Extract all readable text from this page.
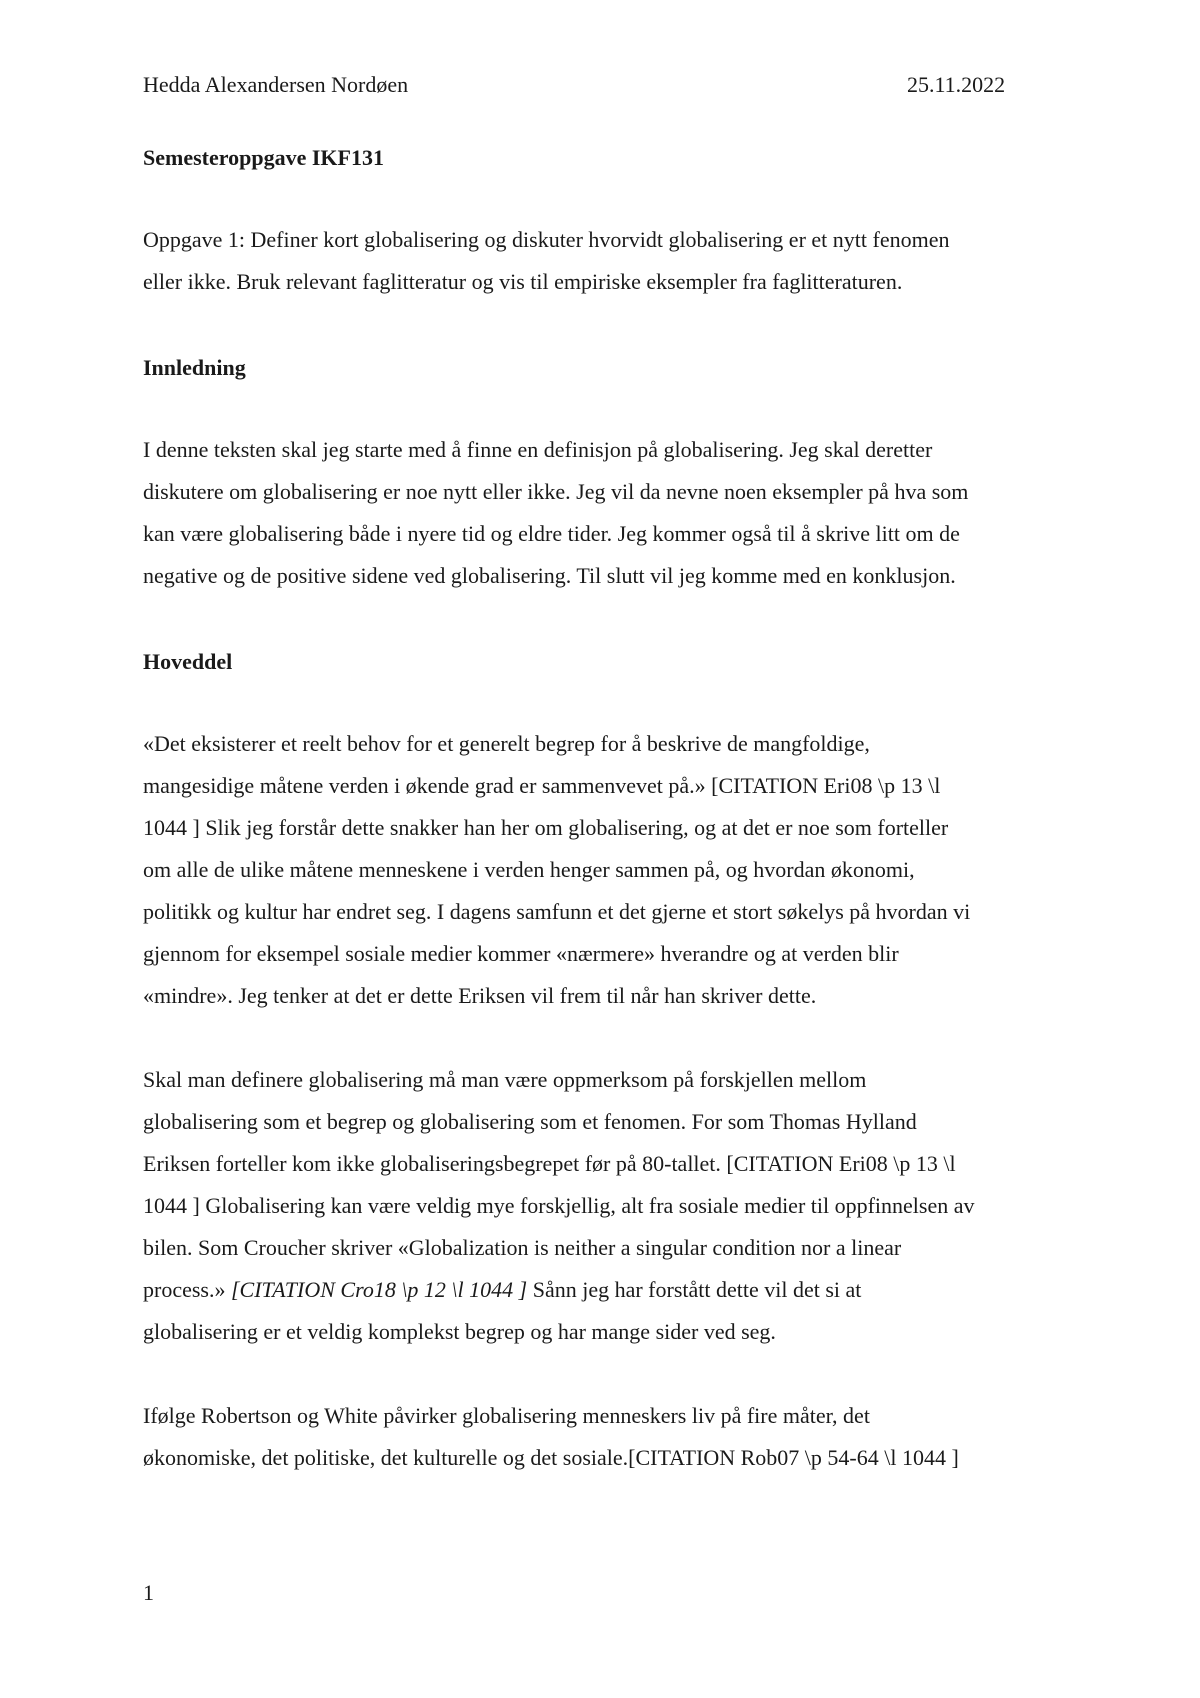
Hedda Alexandersen Nordøen	25.11.2022
Semesteroppgave IKF131
Oppgave 1: Definer kort globalisering og diskuter hvorvidt globalisering er et nytt fenomen
eller ikke. Bruk relevant faglitteratur og vis til empiriske eksempler fra faglitteraturen.
Innledning
I denne teksten skal jeg starte med å finne en definisjon på globalisering. Jeg skal deretter
diskutere om globalisering er noe nytt eller ikke. Jeg vil da nevne noen eksempler på hva som
kan være globalisering både i nyere tid og eldre tider. Jeg kommer også til å skrive litt om de
negative og de positive sidene ved globalisering. Til slutt vil jeg komme med en konklusjon.
Hoveddel
«Det eksisterer et reelt behov for et generelt begrep for å beskrive de mangfoldige,
mangesidige måtene verden i økende grad er sammenvevet på.» [CITATION Eri08 \p 13 \l
1044 ] Slik jeg forstår dette snakker han her om globalisering, og at det er noe som forteller
om alle de ulike måtene menneskene i verden henger sammen på, og hvordan økonomi,
politikk og kultur har endret seg. I dagens samfunn et det gjerne et stort søkelys på hvordan vi
gjennom for eksempel sosiale medier kommer «nærmere» hverandre og at verden blir
«mindre». Jeg tenker at det er dette Eriksen vil frem til når han skriver dette.
Skal man definere globalisering må man være oppmerksom på forskjellen mellom
globalisering som et begrep og globalisering som et fenomen. For som Thomas Hylland
Eriksen forteller kom ikke globaliseringsbegrepet før på 80-tallet. [CITATION Eri08 \p 13 \l
1044 ] Globalisering kan være veldig mye forskjellig, alt fra sosiale medier til oppfinnelsen av
bilen. Som Croucher skriver «Globalization is neither a singular condition nor a linear
process.» [CITATION Cro18 \p 12 \l 1044 ] Sånn jeg har forstått dette vil det si at
globalisering er et veldig komplekst begrep og har mange sider ved seg.
Ifølge Robertson og White påvirker globalisering menneskers liv på fire måter, det
økonomiske, det politiske, det kulturelle og det sosiale.[CITATION Rob07 \p 54-64 \l 1044 ]
1
